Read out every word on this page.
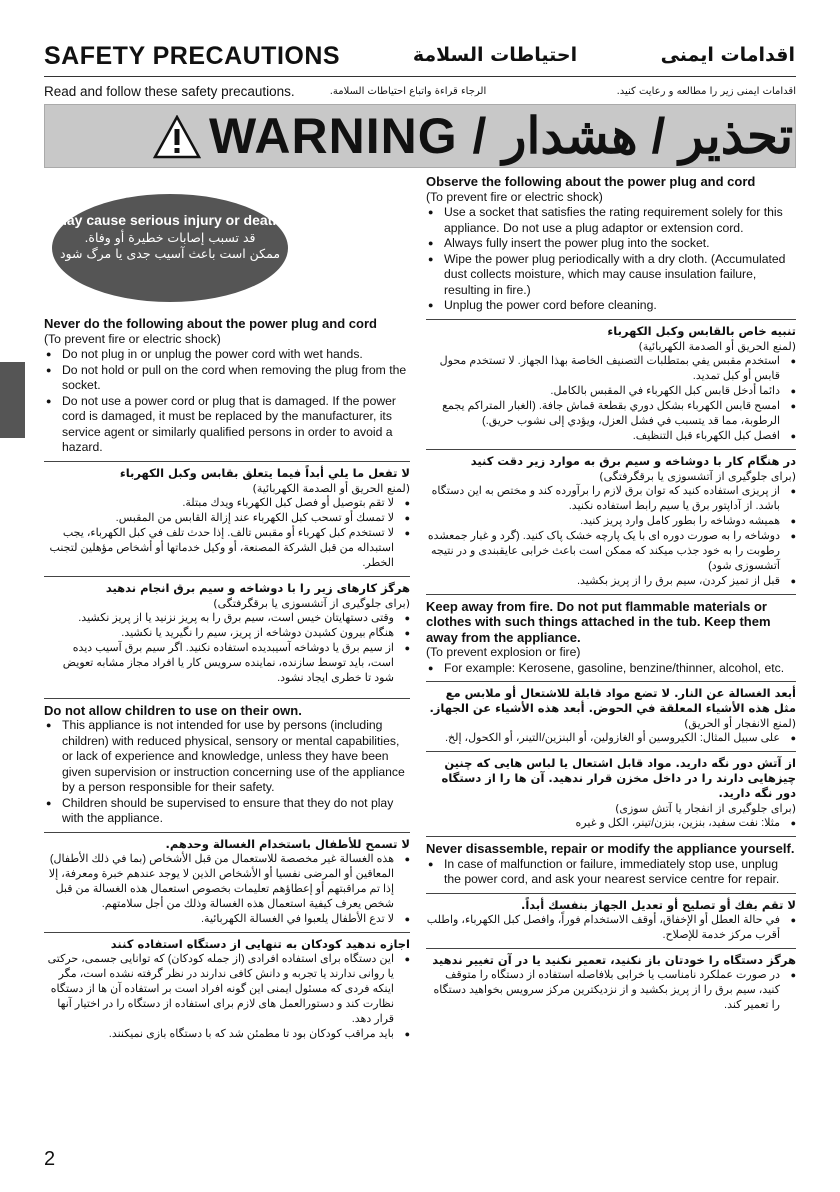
SAFETY PRECAUTIONS	احتياطات السلامة	اقدامات ایمنی
Read and follow these safety precautions.	الرجاء قراءة واتباع احتياطات السلامة.	اقدامات ایمنی زیر را مطالعه و رعایت کنید.
WARNING / تحذير / هشدار
May cause serious injury or death.
قد تسبب إصابات خطيرة أو وفاة.
ممکن است باعث آسیب جدی یا مرگ شود
Never do the following about the power plug and cord
(To prevent fire or electric shock)
● Do not plug in or unplug the power cord with wet hands.
● Do not hold or pull on the cord when removing the plug from the socket.
● Do not use a power cord or plug that is damaged. If the power cord is damaged, it must be replaced by the manufacturer, its service agent or similarly qualified persons in order to avoid a hazard.
لا تفعل ما يلي أبداً فيما يتعلق بقابس وكبل الكهرباء
(لمنع الحريق أو الصدمة الكهربائية)
● لا تقم بتوصيل أو فصل كبل الكهرباء ويدك مبتلة.
● لا تمسك أو تسحب كبل الكهرباء عند إزالة القابس من المقبس.
● لا تستخدم كبل كهرباء أو مقبس تالف. إذا حدث تلف في كبل الكهرباء، يجب استبداله من قبل الشركة المصنعة، أو وكيل خدماتها أو أشخاص مؤهلين لتجنب الخطر.
هرگز کارهای زیر را با دوشاخه و سیم برق انجام ندهید
(برای جلوگیری از آتشسوزی یا برقگرفتگی)
● وقتی دستهایتان خیس است، سیم برق را به پریز نزنید یا از پریز نکشید.
● هنگام بیرون کشیدن دوشاخه از پریز، سیم را نگیرید یا نکشید.
● از سیم برق یا دوشاخه آسیبدیده استفاده نکنید. اگر سیم برق آسیب دیده است، باید توسط سازنده، نماینده سرویس کار یا افراد مجاز مشابه تعویض شود تا خطری ایجاد نشود.
Do not allow children to use on their own.
● This appliance is not intended for use by persons (including children) with reduced physical, sensory or mental capabilities, or lack of experience and knowledge, unless they have been given supervision or instruction concerning use of the appliance by a person responsible for their safety.
● Children should be supervised to ensure that they do not play with the appliance.
لا تسمح للأطفال باستخدام الغسالة وحدهم.
● هذه الغسالة غير مخصصة للاستعمال من قبل الأشخاص (بما في ذلك الأطفال) المعاقين أو المرضى نفسيا أو الأشخاص الذين لا يوجد عندهم خبرة ومعرفة، إلا إذا تم مراقبتهم أو إعطاؤهم تعليمات بخصوص استعمال هذه الغسالة من قبل شخص يعرف كيفية استعمال هذه الغسالة وذلك من أجل سلامتهم.
● لا تدع الأطفال يلعبوا في الغسالة الكهربائية.
اجازه ندهید کودکان به تنهایی از دستگاه استفاده کنند
● این دستگاه برای استفاده افرادی (از جمله کودکان) که توانایی جسمی، حرکتی یا روانی ندارند یا تجربه و دانش کافی ندارند در نظر گرفته نشده است، مگر اینکه فردی که مسئول ایمنی این گونه افراد است بر استفاده آن ها از دستگاه نظارت کند و دستورالعمل های لازم برای استفاده از دستگاه را در اختیار آنها قرار دهد.
● باید مراقب کودکان بود تا مطمئن شد که با دستگاه بازی نمیکنند.
Observe the following about the power plug and cord
(To prevent fire or electric shock)
● Use a socket that satisfies the rating requirement solely for this appliance. Do not use a plug adaptor or extension cord.
● Always fully insert the power plug into the socket.
● Wipe the power plug periodically with a dry cloth. (Accumulated dust collects moisture, which may cause insulation failure, resulting in fire.)
● Unplug the power cord before cleaning.
تنبيه خاص بالقابس وكبل الكهرباء
(لمنع الحريق أو الصدمة الكهربائية)
● استخدم مقبس يفي بمتطلبات التصنيف الخاصة بهذا الجهاز. لا تستخدم محول قابس أو كبل تمديد.
● دائما أدخل قابس كبل الكهرباء في المقبس بالكامل.
● امسح قابس الكهرباء بشكل دوري بقطعة قماش جافة. (الغبار المتراكم يجمع الرطوبة، مما قد يتسبب في فشل العزل، ويؤدي إلى نشوب حريق.)
● افصل كبل الكهرباء قبل التنظيف.
در هنگام کار با دوشاخه و سیم برق به موارد زیر دقت کنید
(برای جلوگیری از آتشسوزی یا برقگرفتگی)
● از پریزی استفاده کنید که توان برق لازم را برآورده کند و مختص به این دستگاه باشد. از آداپتور برق یا سیم رابط استفاده نکنید.
● همیشه دوشاخه را بطور کامل وارد پریز کنید.
● دوشاخه را به صورت دوره ای با یک پارچه خشک پاک کنید. (گرد و غبار جمعشده رطوبت را به خود جذب میکند که ممکن است باعث خرابی عایقبندی و در نتیجه آتشسوزی شود)
● قبل از تمیز کردن، سیم برق را از پریز بکشید.
Keep away from fire. Do not put flammable materials or clothes with such things attached in the tub. Keep them away from the appliance.
(To prevent explosion or fire)
● For example: Kerosene, gasoline, benzine/thinner, alcohol, etc.
أبعد الغسالة عن النار. لا تضع مواد قابلة للاشتعال أو ملابس مع مثل هذه الأشياء المعلقة في الحوض. أبعد هذه الأشياء عن الجهاز.
(لمنع الانفجار أو الحريق)
● على سبيل المثال: الكيروسين أو الغازولين، أو البنزين/التينر، أو الكحول، إلخ.
از آتش دور نگه دارید. مواد قابل اشتعال یا لباس هایی که چنین چیزهایی دارند را در داخل مخزن قرار ندهید. آن ها را از دستگاه دور نگه دارید.
(برای جلوگیری از انفجار یا آتش سوزی)
● مثلا: نفت سفید، بنزین، بنزن/تینر، الکل و غیره
Never disassemble, repair or modify the appliance yourself.
● In case of malfunction or failure, immediately stop use, unplug the power cord, and ask your nearest service centre for repair.
لا تقم بفك أو تصليح أو تعديل الجهاز بنفسك أبداً.
● في حالة العطل أو الإخفاق، أوقف الاستخدام فوراً، وافصل كبل الكهرباء، واطلب أقرب مركز خدمة للإصلاح.
هرگز دستگاه را خودتان باز نکنید، تعمیر نکنید یا در آن تغییر ندهید
● در صورت عملکرد نامناسب یا خرابی بلافاصله استفاده از دستگاه را متوقف کنید، سیم برق را از پریز بکشید و از نزدیکترین مرکز سرویس بخواهید دستگاه را تعمیر کند.
2
